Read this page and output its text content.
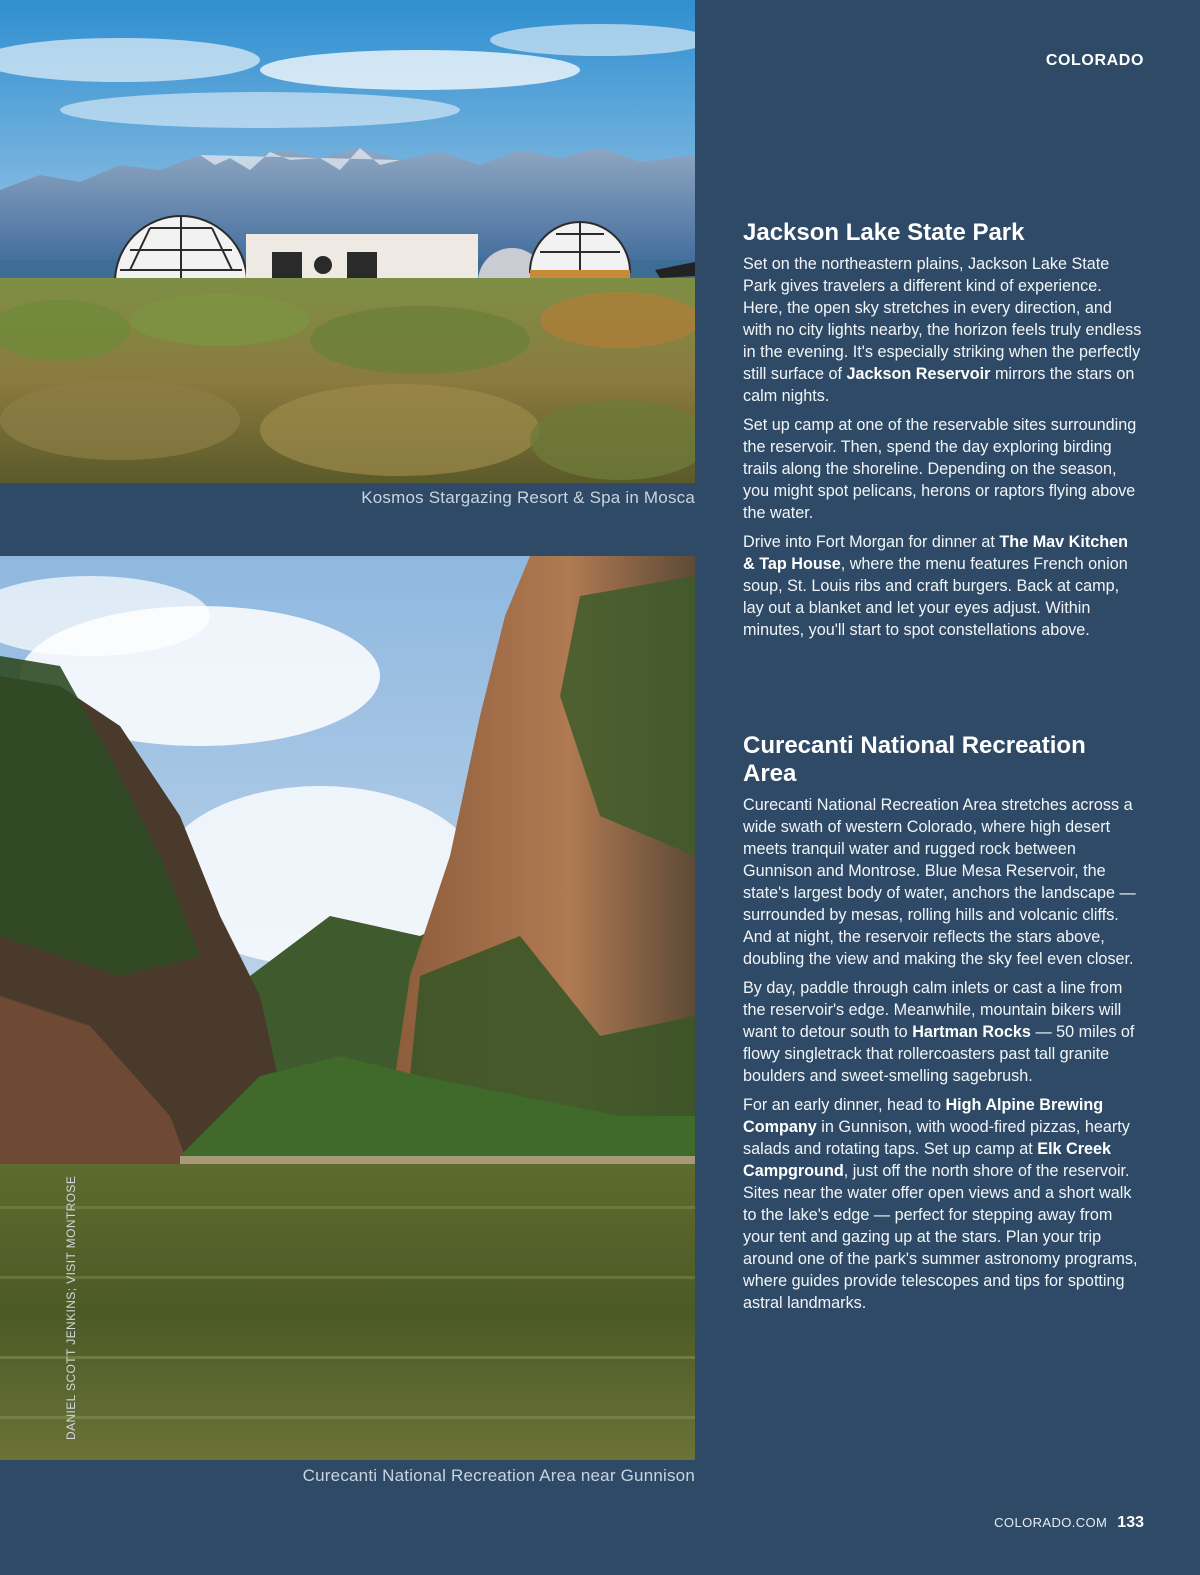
Kosmos Stargazing Resort & Spa in Mosca
DANIEL SCOTT JENKINS; VISIT MONTROSE
Curecanti National Recreation Area near Gunnison
COLORADO
Jackson Lake State Park

Set on the northeastern plains, Jackson Lake State Park gives travelers a different kind of experience. Here, the open sky stretches in every direction, and with no city lights nearby, the horizon feels truly endless in the evening. It's especially striking when the perfectly still surface of Jackson Reservoir mirrors the stars on calm nights.

Set up camp at one of the reservable sites surrounding the reservoir. Then, spend the day exploring birding trails along the shoreline. Depending on the season, you might spot pelicans, herons or raptors flying above the water.

Drive into Fort Morgan for dinner at The Mav Kitchen & Tap House, where the menu features French onion soup, St. Louis ribs and craft burgers. Back at camp, lay out a blanket and let your eyes adjust. Within minutes, you'll start to spot constellations above.

Curecanti National Recreation Area

Curecanti National Recreation Area stretches across a wide swath of western Colorado, where high desert meets tranquil water and rugged rock between Gunnison and Montrose. Blue Mesa Reservoir, the state's largest body of water, anchors the landscape — surrounded by mesas, rolling hills and volcanic cliffs. And at night, the reservoir reflects the stars above, doubling the view and making the sky feel even closer.

By day, paddle through calm inlets or cast a line from the reservoir's edge. Meanwhile, mountain bikers will want to detour south to Hartman Rocks — 50 miles of flowy singletrack that rollercoasters past tall granite boulders and sweet-smelling sagebrush.

For an early dinner, head to High Alpine Brewing Company in Gunnison, with wood-fired pizzas, hearty salads and rotating taps. Set up camp at Elk Creek Campground, just off the north shore of the reservoir. Sites near the water offer open views and a short walk to the lake's edge — perfect for stepping away from your tent and gazing up at the stars. Plan your trip around one of the park's summer astronomy programs, where guides provide telescopes and tips for spotting astral landmarks.

COLORADO.COM 133
